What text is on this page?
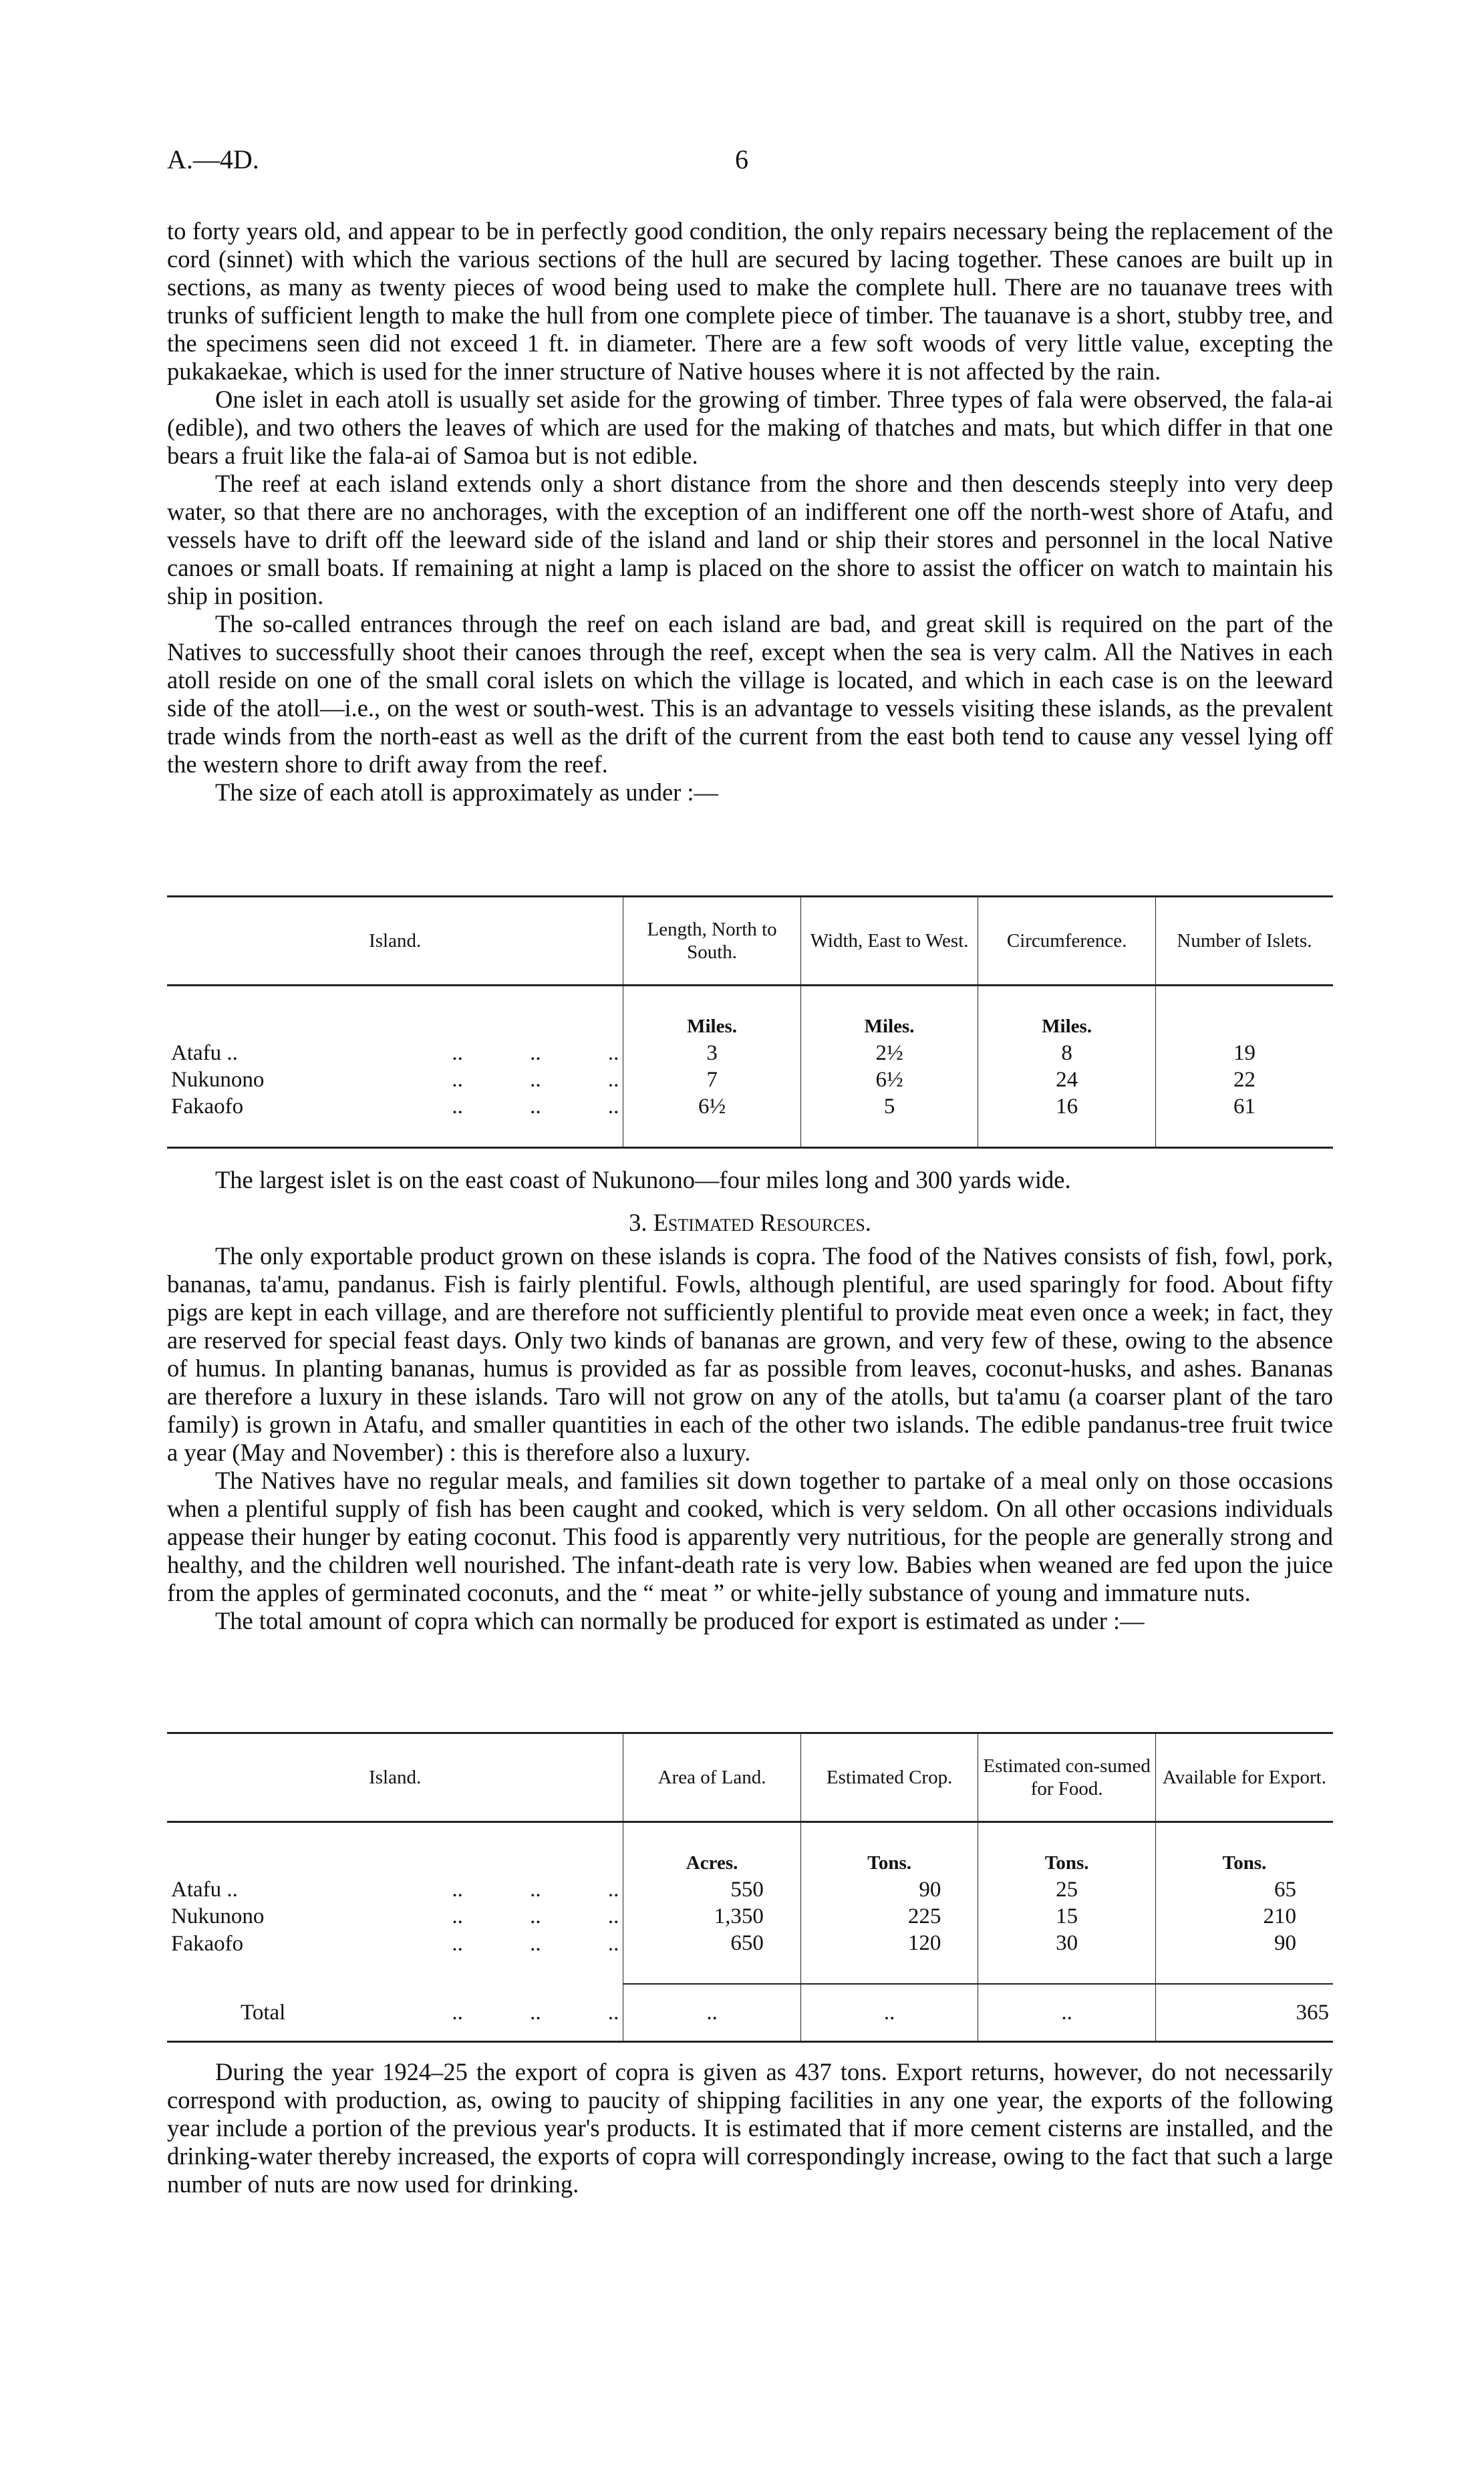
A.—4D.	6

to forty years old, and appear to be in perfectly good condition, the only repairs necessary being the replacement of the cord (sinnet) with which the various sections of the hull are secured by lacing together. These canoes are built up in sections, as many as twenty pieces of wood being used to make the complete hull. There are no tauanave trees with trunks of sufficient length to make the hull from one complete piece of timber. The tauanave is a short, stubby tree, and the specimens seen did not exceed 1 ft. in diameter. There are a few soft woods of very little value, excepting the pukakaekae, which is used for the inner structure of Native houses where it is not affected by the rain.

One islet in each atoll is usually set aside for the growing of timber. Three types of fala were observed, the fala-ai (edible), and two others the leaves of which are used for the making of thatches and mats, but which differ in that one bears a fruit like the fala-ai of Samoa but is not edible.

The reef at each island extends only a short distance from the shore and then descends steeply into very deep water, so that there are no anchorages, with the exception of an indifferent one off the north-west shore of Atafu, and vessels have to drift off the leeward side of the island and land or ship their stores and personnel in the local Native canoes or small boats. If remaining at night a lamp is placed on the shore to assist the officer on watch to maintain his ship in position.

The so-called entrances through the reef on each island are bad, and great skill is required on the part of the Natives to successfully shoot their canoes through the reef, except when the sea is very calm. All the Natives in each atoll reside on one of the small coral islets on which the village is located, and which in each case is on the leeward side of the atoll—i.e., on the west or south-west. This is an advantage to vessels visiting these islands, as the prevalent trade winds from the north-east as well as the drift of the current from the east both tend to cause any vessel lying off the western shore to drift away from the reef.

The size of each atoll is approximately as under :—

Island.	Length, North to South.	Width, East to West.	Circumference.	Number of Islets.
	Miles.	Miles.	Miles.	
Atafu .. .. .. ..	3	2½	8	19
Nukunono .. .. ..	7	6½	24	22
Fakaofo .. .. ..	6½	5	16	61

The largest islet is on the east coast of Nukunono—four miles long and 300 yards wide.

3. Estimated Resources.

The only exportable product grown on these islands is copra. The food of the Natives consists of fish, fowl, pork, bananas, ta'amu, pandanus. Fish is fairly plentiful. Fowls, although plentiful, are used sparingly for food. About fifty pigs are kept in each village, and are therefore not sufficiently plentiful to provide meat even once a week; in fact, they are reserved for special feast days. Only two kinds of bananas are grown, and very few of these, owing to the absence of humus. In planting bananas, humus is provided as far as possible from leaves, coconut-husks, and ashes. Bananas are therefore a luxury in these islands. Taro will not grow on any of the atolls, but ta'amu (a coarser plant of the taro family) is grown in Atafu, and smaller quantities in each of the other two islands. The edible pandanus-tree fruit twice a year (May and November) : this is therefore also a luxury.

The Natives have no regular meals, and families sit down together to partake of a meal only on those occasions when a plentiful supply of fish has been caught and cooked, which is very seldom. On all other occasions individuals appease their hunger by eating coconut. This food is apparently very nutritious, for the people are generally strong and healthy, and the children well nourished. The infant-death rate is very low. Babies when weaned are fed upon the juice from the apples of germinated coconuts, and the “ meat ” or white-jelly substance of young and immature nuts.

The total amount of copra which can normally be produced for export is estimated as under :—

Island.	Area of Land.	Estimated Crop.	Estimated con-sumed for Food.	Available for Export.
	Acres.	Tons.	Tons.	Tons.
Atafu .. .. .. ..	550	90	25	65
Nukunono .. .. ..	1,350	225	15	210
Fakaofo .. .. ..	650	120	30	90
Total .. .. ..	..	..	..	365

During the year 1924–25 the export of copra is given as 437 tons. Export returns, however, do not necessarily correspond with production, as, owing to paucity of shipping facilities in any one year, the exports of the following year include a portion of the previous year's products. It is estimated that if more cement cisterns are installed, and the drinking-water thereby increased, the exports of copra will correspondingly increase, owing to the fact that such a large number of nuts are now used for drinking.
